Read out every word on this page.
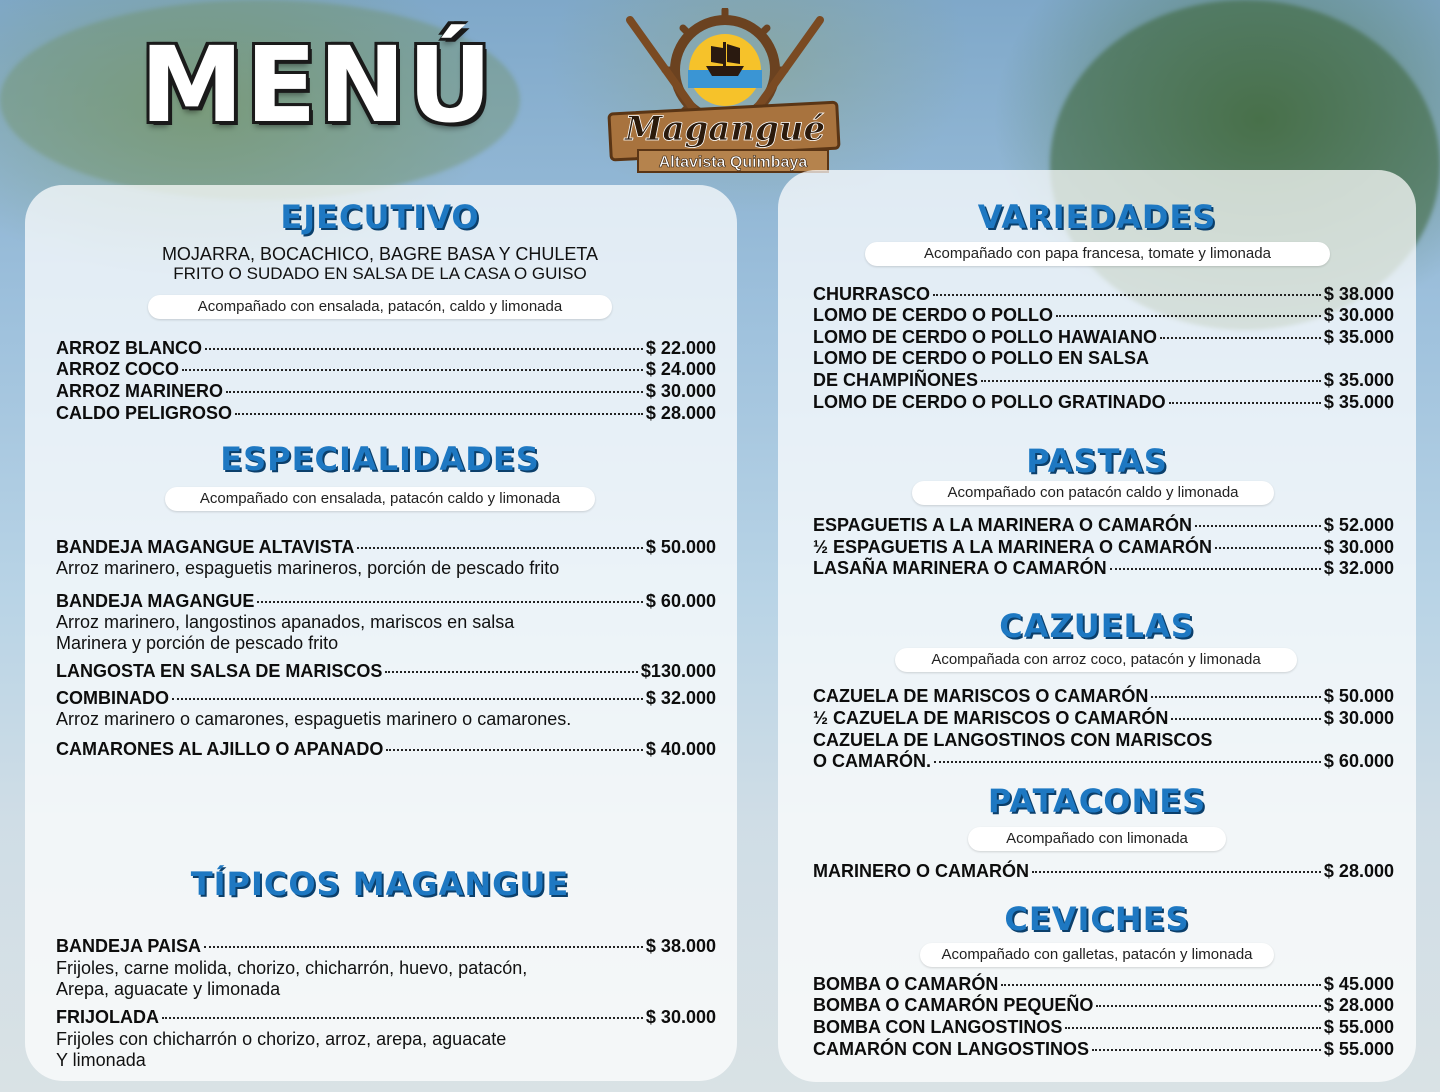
MENÚ	Magangué
Altavista Quimbaya
EJECUTIVO
MOJARRA, BOCACHICO, BAGRE BASA Y CHULETA
FRITO O SUDADO EN SALSA DE LA CASA O GUISO
Acompañado con ensalada, patacón, caldo y limonada
ARROZ BLANCO	$ 22.000
ARROZ COCO	$ 24.000
ARROZ MARINERO	$ 30.000
CALDO PELIGROSO	$ 28.000
ESPECIALIDADES
Acompañado con ensalada, patacón caldo y limonada
BANDEJA MAGANGUE ALTAVISTA	$ 50.000
Arroz marinero, espaguetis marineros, porción de pescado frito
BANDEJA MAGANGUE	$ 60.000
Arroz marinero, langostinos apanados, mariscos en salsa
Marinera y porción de pescado frito
LANGOSTA EN SALSA DE MARISCOS	$130.000
COMBINADO	$ 32.000
Arroz marinero o camarones, espaguetis marinero o camarones.
CAMARONES AL AJILLO O APANADO	$ 40.000
TÍPICOS MAGANGUE
BANDEJA PAISA	$ 38.000
Frijoles, carne molida, chorizo, chicharrón, huevo, patacón,
Arepa, aguacate y limonada
FRIJOLADA	$ 30.000
Frijoles con chicharrón o chorizo, arroz, arepa, aguacate
Y limonada
VARIEDADES
Acompañado con papa francesa, tomate y limonada
CHURRASCO	$ 38.000
LOMO DE CERDO O POLLO	$ 30.000
LOMO DE CERDO O POLLO HAWAIANO	$ 35.000
LOMO DE CERDO O POLLO EN SALSA
DE CHAMPIÑONES	$ 35.000
LOMO DE CERDO O POLLO GRATINADO	$ 35.000
PASTAS
Acompañado con patacón caldo y limonada
ESPAGUETIS A LA MARINERA O CAMARÓN	$ 52.000
½ ESPAGUETIS A LA MARINERA O CAMARÓN	$ 30.000
LASAÑA MARINERA O CAMARÓN	$ 32.000
CAZUELAS
Acompañada con arroz coco, patacón y limonada
CAZUELA DE MARISCOS O CAMARÓN	$ 50.000
½ CAZUELA DE MARISCOS O CAMARÓN	$ 30.000
CAZUELA DE LANGOSTINOS CON MARISCOS
O CAMARÓN.	$ 60.000
PATACONES
Acompañado con limonada
MARINERO O CAMARÓN	$ 28.000
CEVICHES
Acompañado con galletas, patacón y limonada
BOMBA O CAMARÓN	$ 45.000
BOMBA O CAMARÓN PEQUEÑO	$ 28.000
BOMBA CON LANGOSTINOS	$ 55.000
CAMARÓN CON LANGOSTINOS	$ 55.000
